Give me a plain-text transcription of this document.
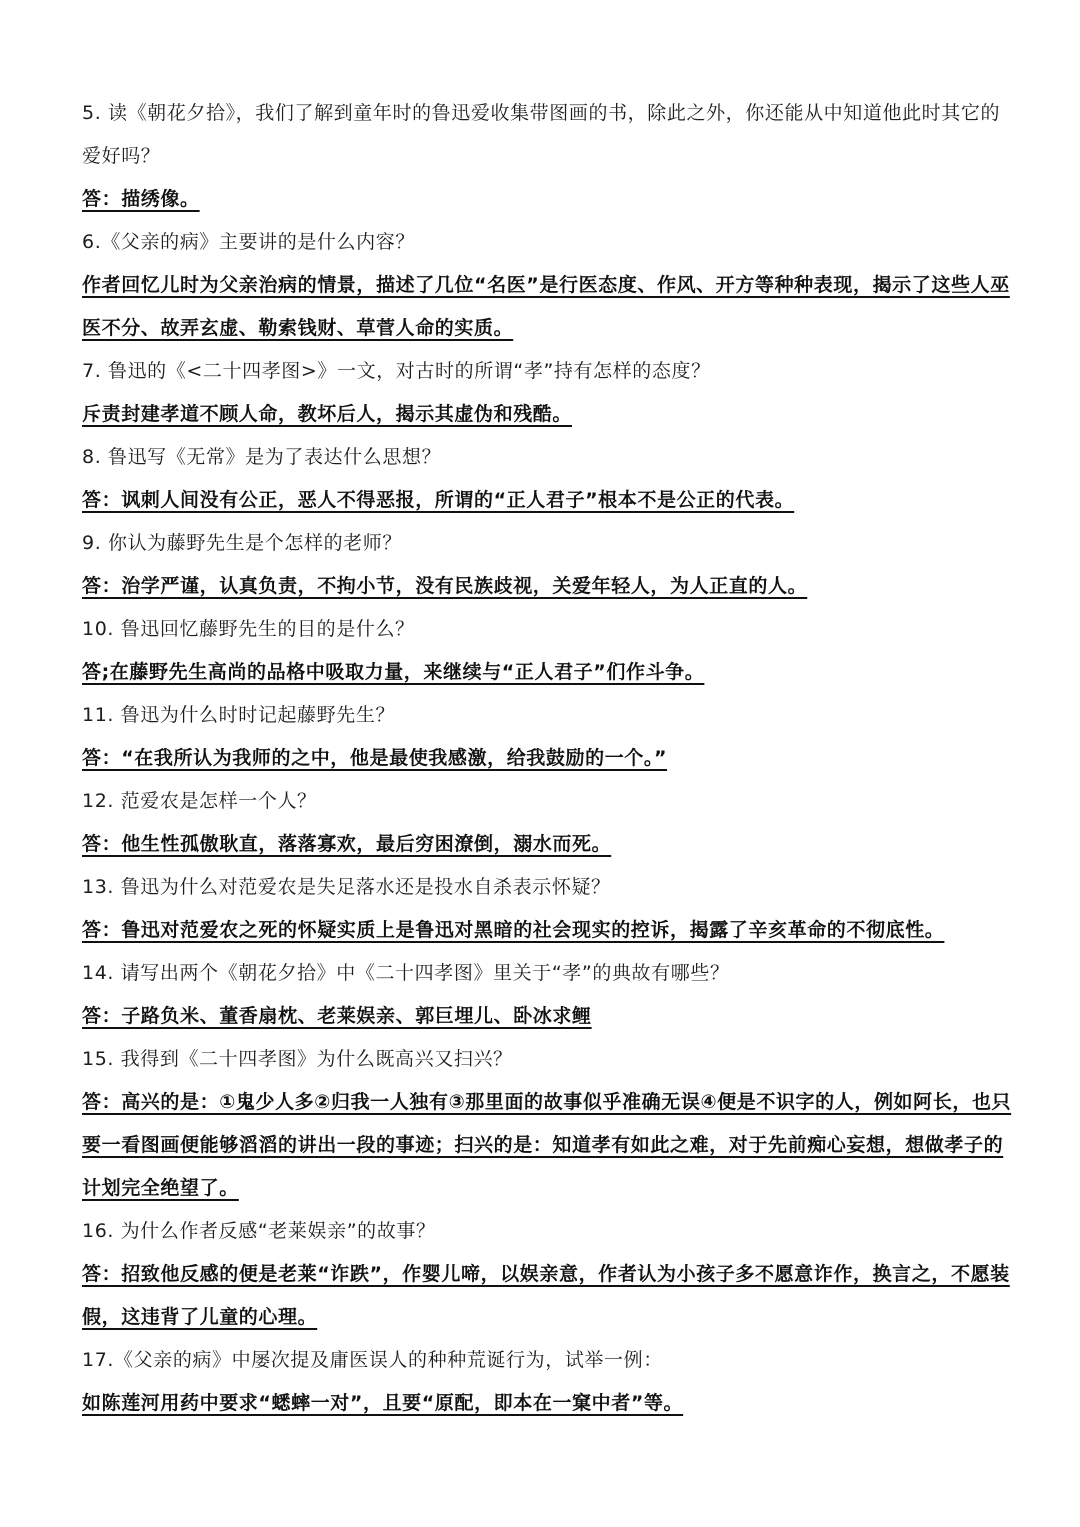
5. 读《朝花夕拾》，我们了解到童年时的鲁迅爱收集带图画的书，除此之外，你还能从中知道他此时其它的爱好吗？

答：描绣像。

6.《父亲的病》主要讲的是什么内容？

作者回忆儿时为父亲治病的情景，描述了几位“名医”是行医态度、作风、开方等种种表现，揭示了这些人巫医不分、故弄玄虚、勒索钱财、草菅人命的实质。

7. 鲁迅的《<二十四孝图>》一文，对古时的所谓“孝”持有怎样的态度？

斥责封建孝道不顾人命，教坏后人，揭示其虚伪和残酷。

8. 鲁迅写《无常》是为了表达什么思想？

答：讽刺人间没有公正，恶人不得恶报，所谓的“正人君子”根本不是公正的代表。

9. 你认为藤野先生是个怎样的老师？

答：治学严谨，认真负责，不拘小节，没有民族歧视，关爱年轻人，为人正直的人。

10. 鲁迅回忆藤野先生的目的是什么？

答;在藤野先生高尚的品格中吸取力量，来继续与“正人君子”们作斗争。

11. 鲁迅为什么时时记起藤野先生？

答：“在我所认为我师的之中，他是最使我感激，给我鼓励的一个。”

12. 范爱农是怎样一个人？

答：他生性孤傲耿直，落落寡欢，最后穷困潦倒，溺水而死。

13. 鲁迅为什么对范爱农是失足落水还是投水自杀表示怀疑？

答：鲁迅对范爱农之死的怀疑实质上是鲁迅对黑暗的社会现实的控诉，揭露了辛亥革命的不彻底性。

14. 请写出两个《朝花夕拾》中《二十四孝图》里关于“孝”的典故有哪些？

答：子路负米、董香扇枕、老莱娱亲、郭巨埋儿、卧冰求鲤

15. 我得到《二十四孝图》为什么既高兴又扫兴？

答：高兴的是：①鬼少人多②归我一人独有③那里面的故事似乎准确无误④便是不识字的人，例如阿长，也只要一看图画便能够滔滔的讲出一段的事迹；扫兴的是：知道孝有如此之难，对于先前痴心妄想，想做孝子的计划完全绝望了。

16. 为什么作者反感“老莱娱亲”的故事？

答：招致他反感的便是老莱“诈跌”，作婴儿啼，以娱亲意，作者认为小孩子多不愿意诈作，换言之，不愿装假，这违背了儿童的心理。

17.《父亲的病》中屡次提及庸医误人的种种荒诞行为，试举一例：

如陈莲河用药中要求“蟋蟀一对”，且要“原配，即本在一窠中者”等。
